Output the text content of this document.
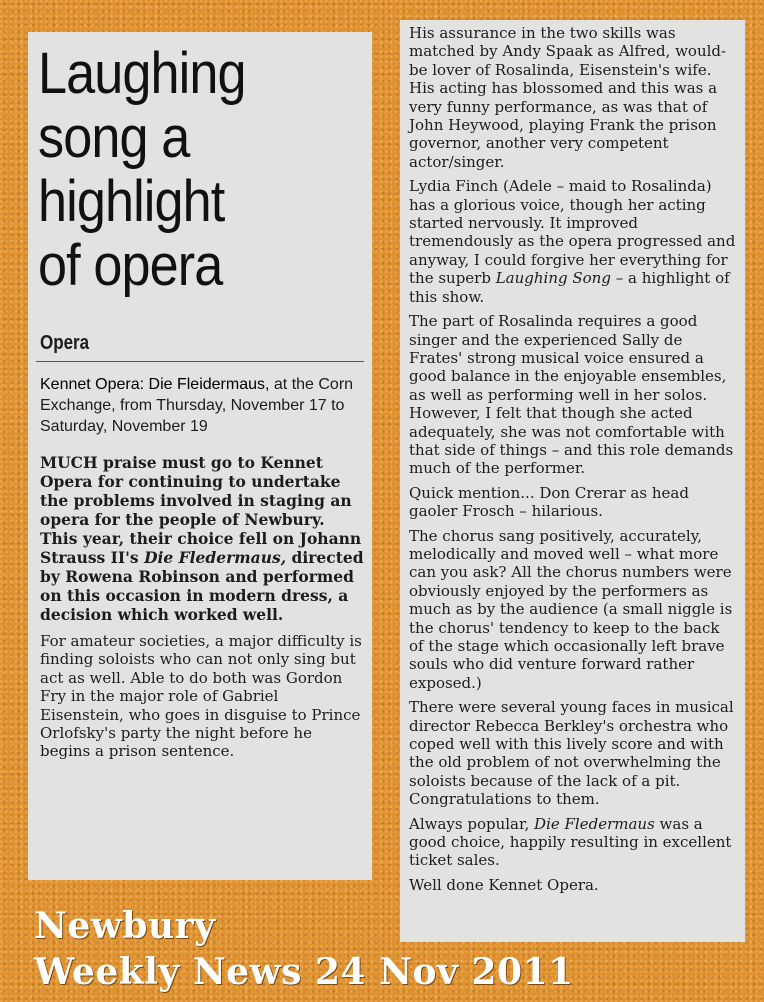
Laughing
song a
highlight
of opera
Opera

Kennet Opera: Die Fleidermaus, at the Corn Exchange, from Thursday, November 17 to Saturday, November 19

MUCH praise must go to Kennet Opera for continuing to undertake the problems involved in staging an opera for the people of Newbury. This year, their choice fell on Johann Strauss II's Die Fledermaus, directed by Rowena Robinson and performed on this occasion in modern dress, a decision which worked well.

For amateur societies, a major difficulty is finding soloists who can not only sing but act as well. Able to do both was Gordon Fry in the major role of Gabriel Eisenstein, who goes in disguise to Prince Orlofsky's party the night before he begins a prison sentence.

His assurance in the two skills was matched by Andy Spaak as Alfred, would-be lover of Rosalinda, Eisenstein's wife. His acting has blossomed and this was a very funny performance, as was that of John Heywood, playing Frank the prison governor, another very competent actor/singer.

Lydia Finch (Adele – maid to Rosalinda) has a glorious voice, though her acting started nervously. It improved tremendously as the opera progressed and anyway, I could forgive her everything for the superb Laughing Song – a highlight of this show.

The part of Rosalinda requires a good singer and the experienced Sally de Frates' strong musical voice ensured a good balance in the enjoyable ensembles, as well as performing well in her solos. However, I felt that though she acted adequately, she was not comfortable with that side of things – and this role demands much of the performer.

Quick mention... Don Crerar as head gaoler Frosch – hilarious.

The chorus sang positively, accurately, melodically and moved well – what more can you ask? All the chorus numbers were obviously enjoyed by the performers as much as by the audience (a small niggle is the chorus' tendency to keep to the back of the stage which occasionally left brave souls who did venture forward rather exposed.)

There were several young faces in musical director Rebecca Berkley's orchestra who coped well with this lively score and with the old problem of not overwhelming the soloists because of the lack of a pit. Congratulations to them.

Always popular, Die Fledermaus was a good choice, happily resulting in excellent ticket sales.

Well done Kennet Opera.

Newbury
Weekly News 24 Nov 2011
